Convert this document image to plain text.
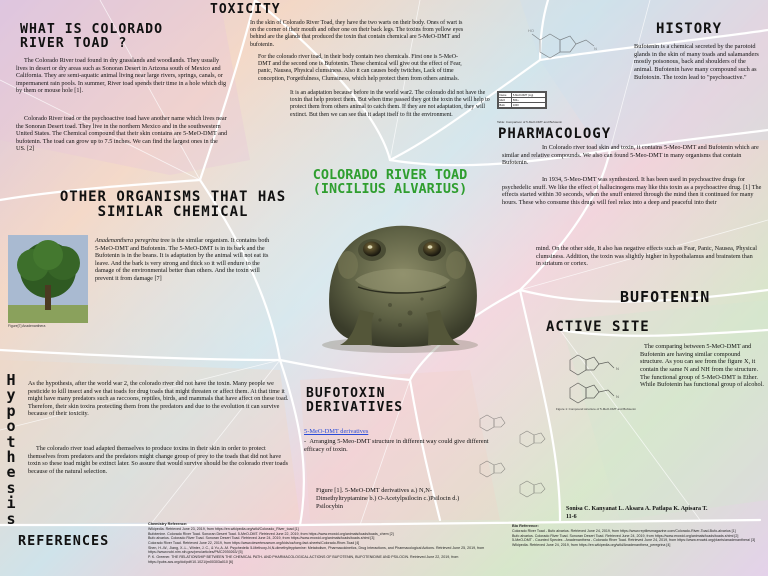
TOXICITY
In the skin of Colorado River Toad, they have the two warts on their body. Ones of wart is on the corner of their mouth and other one on their back legs. The toxins from yellow eyes behind are the glands that produced the toxin that contain chemical are 5-MeO-DMT and bufotenin.
For the colorado river toad, in their body contain two chemicals. First one is 5-MeO-DMT and the second one is Bufotenin. These chemical will give out the effect of Fear, panic, Nausea, Physical clumsiness. Also it can causes body twitches, Lack of time conception, Forgetfulness, Clumsiness, which help protect them from others animals.
It is an adaptation because before in the world war2. The colorado did not have the toxin that help protect them. But when time passed they got the toxin the will help to protect them from others animal to catch them. If they are not adaptation, they will extinct. But then we can see that it adapt itself to fit the environment.
WHAT IS COLORADO RIVER TOAD ?
The Colorado River toad found in dry grasslands and woodlands. They usually lives in desert or dry areas such as Sonoran Desert in Arizona south of Mexico and California. They are semi-aquatic animal living near large rivers, springs, canals, or impermanent rain pools. In summer, River toad spends their time in a hole which dig by them or mouse hole [1].
Colorado River toad or the psychoactive toad have another name which lives near the Sonoran Desert toad. They live in the northern Mexico and in the southwestern United States. The Chemical compound that their skin contains are 5-MeO-DMT and bufotenin. The toad can grow up to 7.5 inches. We can find the largest ones in the US. [2]
HO
N
HISTORY
Bufotenin is a chemical secreted by the parotoid glands in the skin of many toads and salamanders mostly poisonous, back and shoulders of the animal. Bufotenin have many compound such as Bufotoxin. The toxin lead to "psychoactive."
Name	5-MeO-DMT (mg)
MeO	500+
Bufo	1000
Table: Comparison of 5-MeO-DMT and Bufotenin
PHARMACOLOGY
In Colorado river toad skin and toxin, it contains 5-Meo-DMT and Bufotenin which are similar and relative compounds. We also can found 5-Meo-DMT in many organisms that contain Bufotenin.
In 1934, 5-Meo-DMT was synthesized. It has been used in psychoactive drugs for psychedelic snuff. We like the effect of hallucinogens may like this toxin as a psychoactive drug. [1] The effects started within 30 seconds, when the snuff entered through the mind then it continued for many hours. These who consume this drugs will feel relax into a deep and peaceful into their
mind. On the other side, It also has negative effects such as Fear, Panic, Nausea, Physical clumsiness. Addition, the toxin was slightly higher in hypothalamus and brainstem than in striatum or cortex.
COLORADO RIVER TOAD (INCILIUS ALVARIUS)
OTHER ORGANISMS THAT HAS SIMILAR CHEMICAL
Figure[7] Anadenanthera
Anadenanthera peregrina tree is the similar organism. It contains both 5-MeO-DMT and Bufotenin. The 5-MeO-DMT is in its bark and the Bufotenin is in the beans. It is adaptation by the animal will not eat its leave. And the bark is very strong and thick so it will endure to the damage of the environmental better than others. And the toxin will prevent it from damage [7]
BUFOTENIN
ACTIVE SITE
N
N
Figure 1: Compound structure of 5-MeO-DMT and Bufotenin
The comparing between 5-MeO-DMT and Bufotenin are having similar compound structure. As you can see from the figure X, it contain the same N and NH from the structure. The functional group of 5-MeO-DMT is Ether. While Bufotenin has functional group of alcohol.
H
y
p
o
t
h
e
s
i
s
As the hypothesis, after the world war 2, the colorado river did not have the toxin. Many people we pesticide to kill insect and we that toads for drug toads that might threaten or affect them. At that time it might have many predators such as raccoons, reptiles, birds, and mammals that have affect on these toad. Therefore, their skin toxins protecting them from the predators and due to the evolution it can survive because of their toxicity.
The colorado river toad adapted themselves to produce toxins in their skin in order to protect themselves from predators and the predators might change group of prey to the toads that did not have toxin so these toad might be extinct later. So assure that would survive should be the colorado river toads because of the natural selection.
BUFOTOXIN DERIVATIVES
5-MeO-DMT derivatives
-  Arranging 5-Meo-DMT structure in different way could give different efficacy of toxin.
Figure [1]. 5-MeO-DMT derivatives a.) N,N-Dimethyltryptamine b.) O-Acetylpsilocin c.)Psilocin d.) Psilocybin	Sonisa C. Kanyanat L. Aksara A. Patlapa K. Apisara T.
11-6
REFERENCES
Chemistry Reference:
Wikipedia. Retrieved June 23, 2019, from https://en.wikipedia.org/wiki/Colorado_River_toad [1]
Bufotenine. Colorado River Toad. Sonoran Desert Toad. 5-MeO-DMT. Retrieved June 22, 2019, from https://www.erowid.org/animals/toads/toads_chem [2]
Bufo alvarius. Colorado River Toad. Sonoran Desert Toad. Retrieved June 24, 2019, from https://www.erowid.org/animals/toads/toads.shtml [3]
Colorado River Toad. Retrieved June 22, 2019, from https://www.desertmuseum.org/kids/oz/long-fact-sheets/Colorado-River-Toad [4]
Shen, H.-W., Jiang, X.-L., Winter, J. C., & Yu, A.-M. Psychedelic 5-Methoxy-N,N-dimethyltryptamine: Metabolism, Pharmacokinetics, Drug Interactions, and Pharmacological Actions. Retrieved June 25, 2019, from https://www.ncbi.nlm.nih.gov/pmc/articles/PMC2939263/ [5]
P. K. Greener. THE RELATIONSHIP BETWEEN THE CHEMICAL PATH- AND PHARMACOLOGICAL ACTIONS OF BUFOTENIN, BUFOTENIDINE AND PSILOCIN. Retrieved June 22, 2019, from https://pubs.acs.org/doi/pdf/10.1021/jm00303a010 [6]
Bio Reference:
Colorado River Toad - Bufo alvarius. Retrieved June 24, 2019, from https://www.reptilesmagazine.com/Colorado-River-Toad-Bufo-alvarius [1]
Bufo alvarius. Colorado River Toad. Sonoran Desert Toad. Retrieved June 24, 2019, from https://www.erowid.org/animals/toads/toads.shtml [2]
5-MeO-DMT - Counted Species - Anadenanthera - Colorado River Toad. Retrieved June 24, 2019, from https://www.erowid.org/plants/anadenanthera/ [3]
Wikipedia. Retrieved June 24, 2019, from https://en.wikipedia.org/wiki/Anadenanthera_peregrina [4]
